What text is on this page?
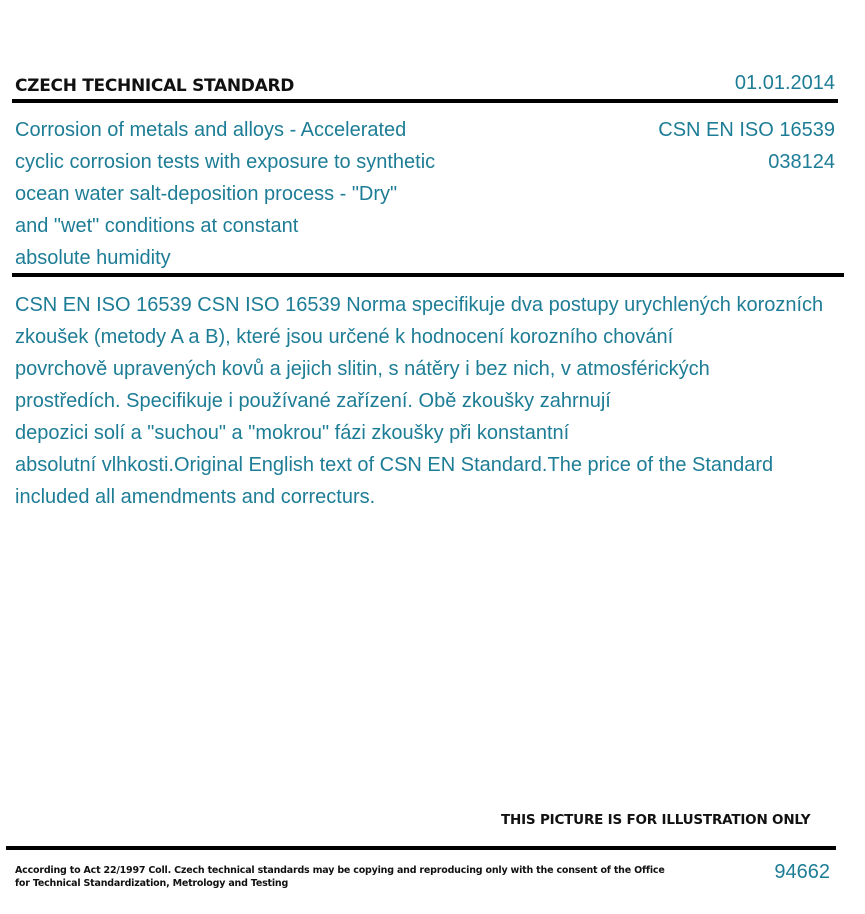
CZECH TECHNICAL STANDARD	01.01.2014
Corrosion of metals and alloys - Accelerated
cyclic corrosion tests with exposure to synthetic
ocean water salt-deposition process - "Dry"
and "wet" conditions at constant
absolute humidity
CSN EN ISO 16539
038124
CSN EN ISO 16539 CSN ISO 16539 Norma specifikuje dva postupy urychlených korozních
zkoušek (metody A a B), které jsou určené k hodnocení korozního chování
povrchově upravených kovů a jejich slitin, s nátěry i bez nich, v atmosférických
prostředích. Specifikuje i používané zařízení. Obě zkoušky zahrnují
depozici solí a "suchou" a "mokrou" fázi zkoušky při konstantní
absolutní vlhkosti.Original English text of CSN EN Standard.The price of the Standard
included all amendments and correcturs.
THIS PICTURE IS FOR ILLUSTRATION ONLY
According to Act 22/1997 Coll. Czech technical standards may be copying and reproducing only with the consent of the Office
for Technical Standardization, Metrology and Testing
94662
